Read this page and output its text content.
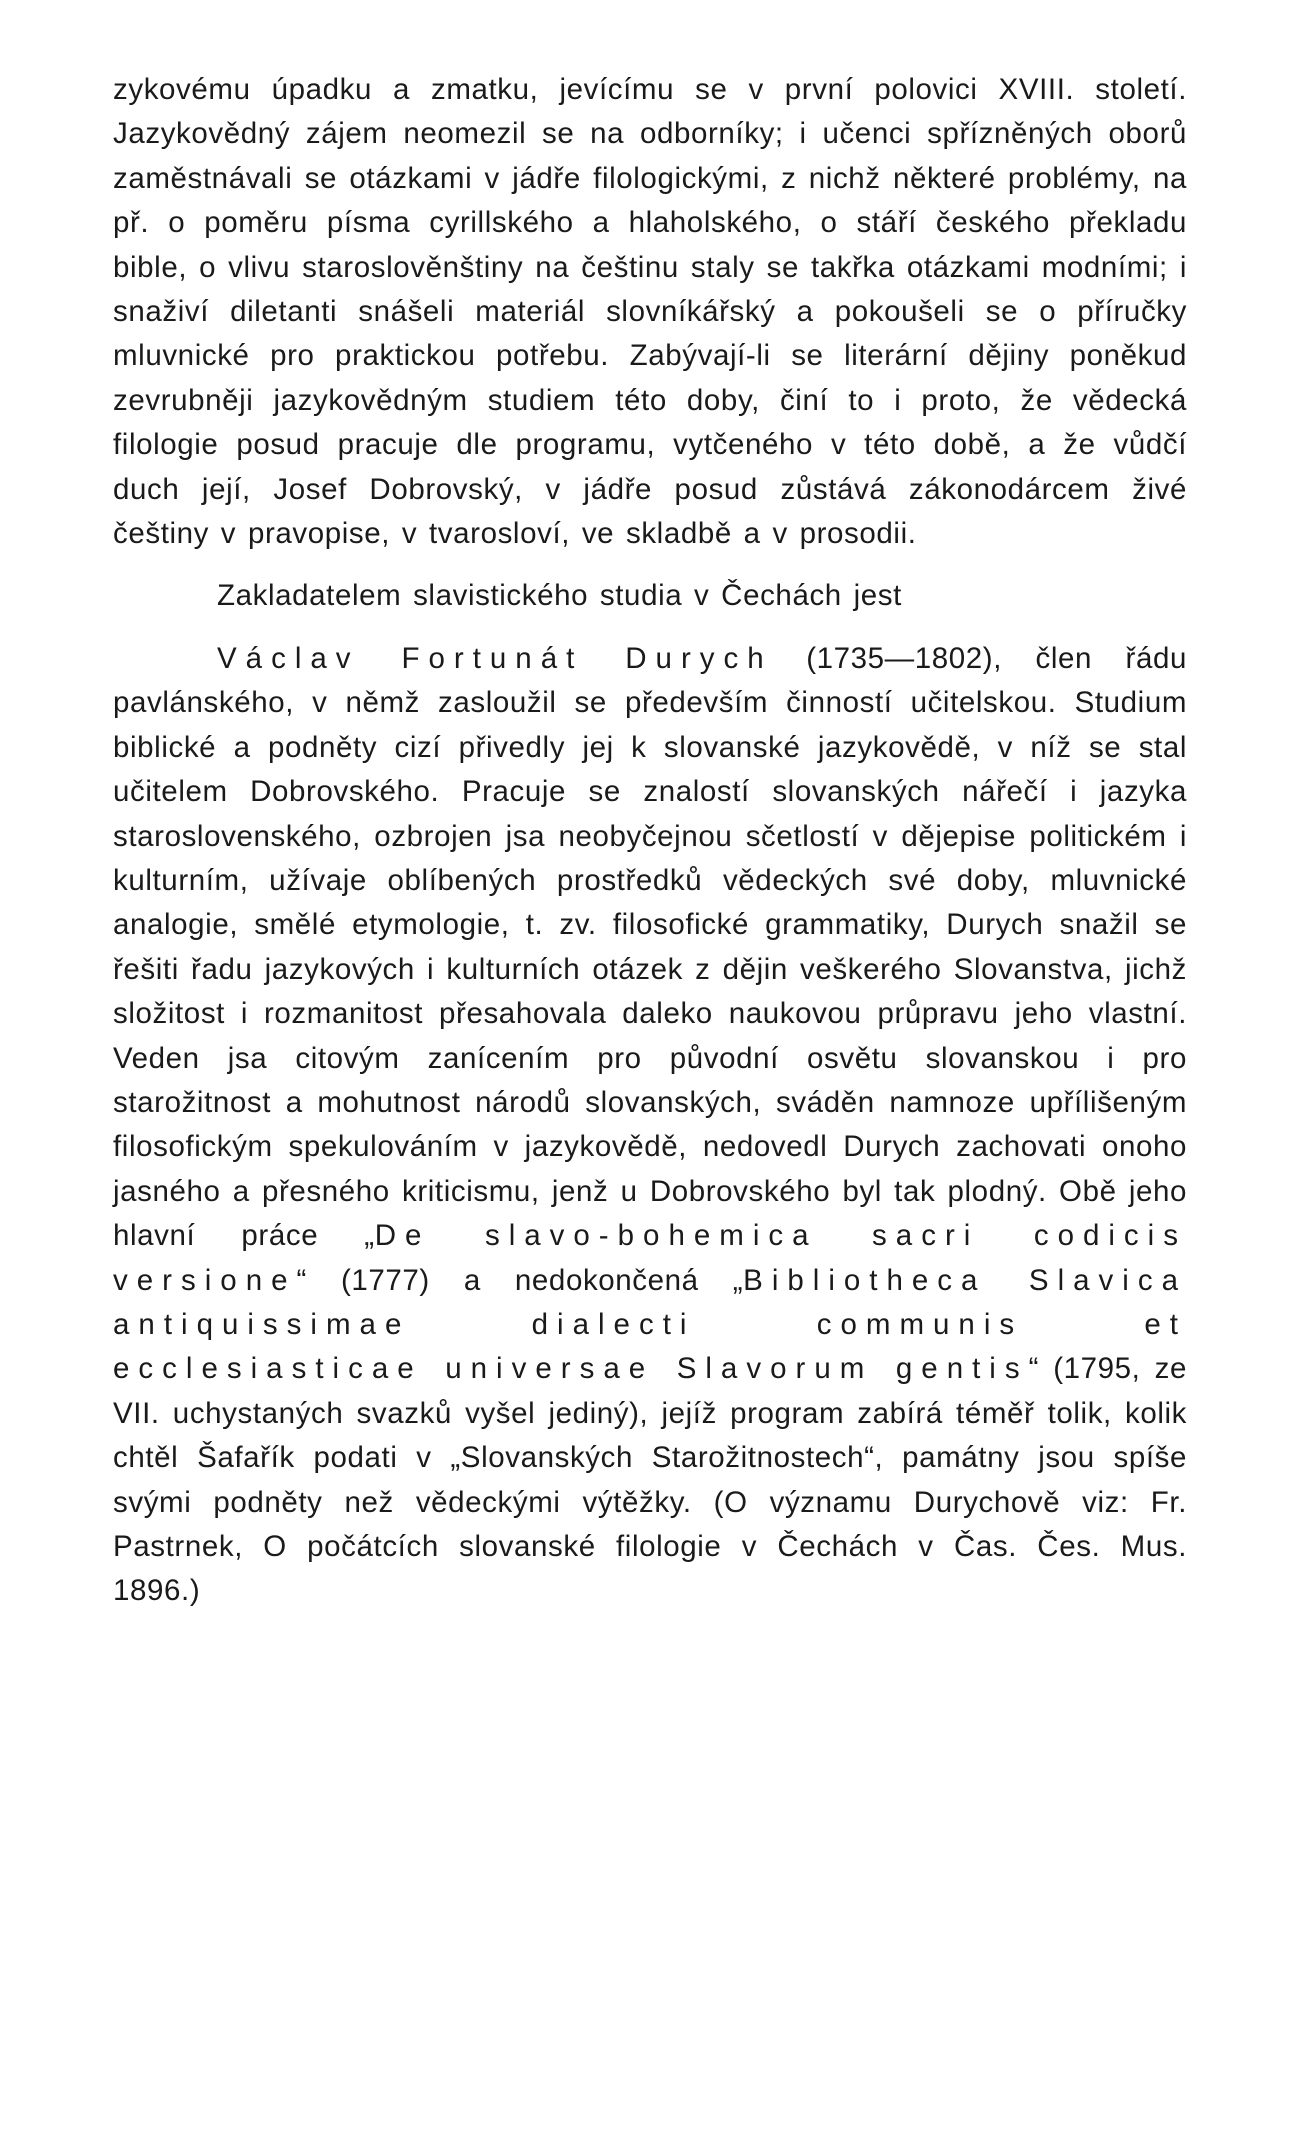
zykovému úpadku a zmatku, jevícímu se v první polovici XVIII. století. Jazykovědný zájem neomezil se na odborníky; i učenci spřízněných oborů zaměstnávali se otázkami v jádře filologickými, z nichž některé problémy, na př. o poměru písma cyrillského a hlaholského, o stáří českého překladu bible, o vlivu staroslověnštiny na češtinu staly se takřka otázkami modními; i snaživí diletanti snášeli materiál slovníkářský a pokoušeli se o příručky mluvnické pro praktickou potřebu. Zabývají-li se literární dějiny poněkud zevrubněji jazykovědným studiem této doby, činí to i proto, že vědecká filologie posud pracuje dle programu, vytčeného v této době, a že vůdčí duch její, Josef Dobrovský, v jádře posud zůstává zákonodárcem živé češtiny v pravopise, v tvarosloví, ve skladbě a v prosodii.

Zakladatelem slavistického studia v Čechách jest

Václav Fortunát Durych (1735—1802), člen řádu pavlánského, v němž zasloužil se především činností učitelskou. Studium biblické a podněty cizí přivedly jej k slovanské jazykovědě, v níž se stal učitelem Dobrovského. Pracuje se znalostí slovanských nářečí i jazyka staroslovenského, ozbrojen jsa neobyčejnou sčetlostí v dějepise politickém i kulturním, užívaje oblíbených prostředků vědeckých své doby, mluvnické analogie, smělé etymologie, t. zv. filosofické grammatiky, Durych snažil se řešiti řadu jazykových i kulturních otázek z dějin veškerého Slovanstva, jichž složitost i rozmanitost přesahovala daleko naukovou průpravu jeho vlastní. Veden jsa citovým zanícením pro původní osvětu slovanskou i pro starožitnost a mohutnost národů slovanských, sváděn namnoze upřílišeným filosofickým spekulováním v jazykovědě, nedovedl Durych zachovati onoho jasného a přesného kriticismu, jenž u Dobrovského byl tak plodný. Obě jeho hlavní práce „De slavo-bohemica sacri codicis versione“ (1777) a nedokončená „Bibliotheca Slavica antiquissimae dialecti communis et ecclesiasticae universae Slavorum gentis“ (1795, ze VII. uchystaných svazků vyšel jediný), jejíž program zabírá téměř tolik, kolik chtěl Šafařík podati v „Slovanských Starožitnostech“, památny jsou spíše svými podněty než vědeckými výtěžky. (O významu Durychově viz: Fr. Pastrnek, O počátcích slovanské filologie v Čechách v Čas. Čes. Mus. 1896.)
